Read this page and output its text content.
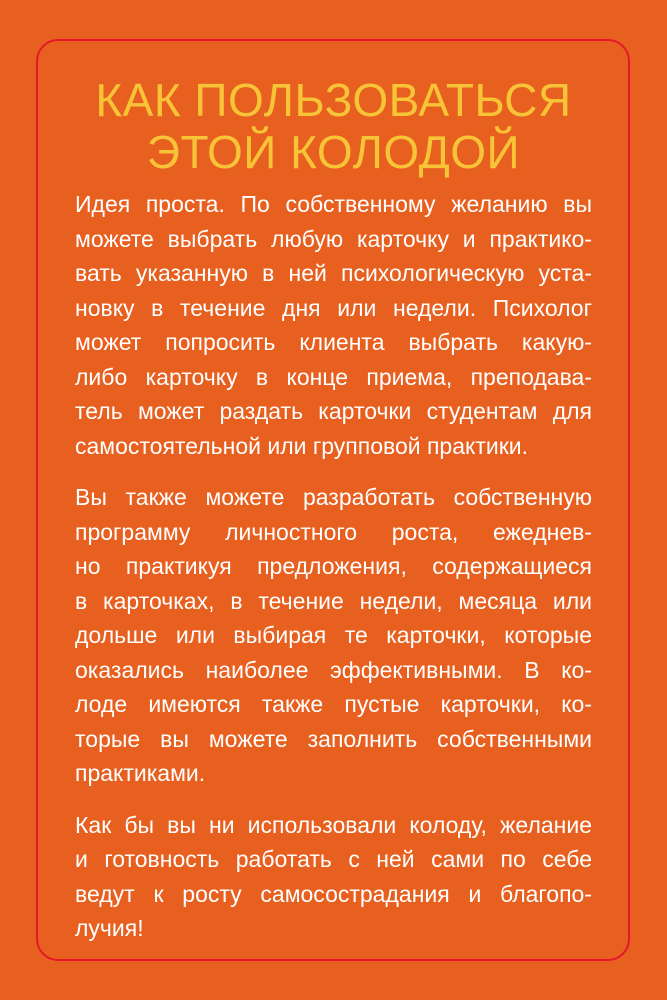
КАК ПОЛЬЗОВАТЬСЯ
ЭТОЙ КОЛОДОЙ

Идея проста. По собственному желанию вы
можете выбрать любую карточку и практико-
вать указанную в ней психологическую уста-
новку в течение дня или недели. Психолог
может попросить клиента выбрать какую-
либо карточку в конце приема, преподава-
тель может раздать карточки студентам для
самостоятельной или групповой практики.

Вы также можете разработать собственную
программу личностного роста, ежеднев-
но практикуя предложения, содержащиеся
в карточках, в течение недели, месяца или
дольше или выбирая те карточки, которые
оказались наиболее эффективными. В ко-
лоде имеются также пустые карточки, ко-
торые вы можете заполнить собственными
практиками.

Как бы вы ни использовали колоду, желание
и готовность работать с ней сами по себе
ведут к росту самосострадания и благопо-
лучия!
